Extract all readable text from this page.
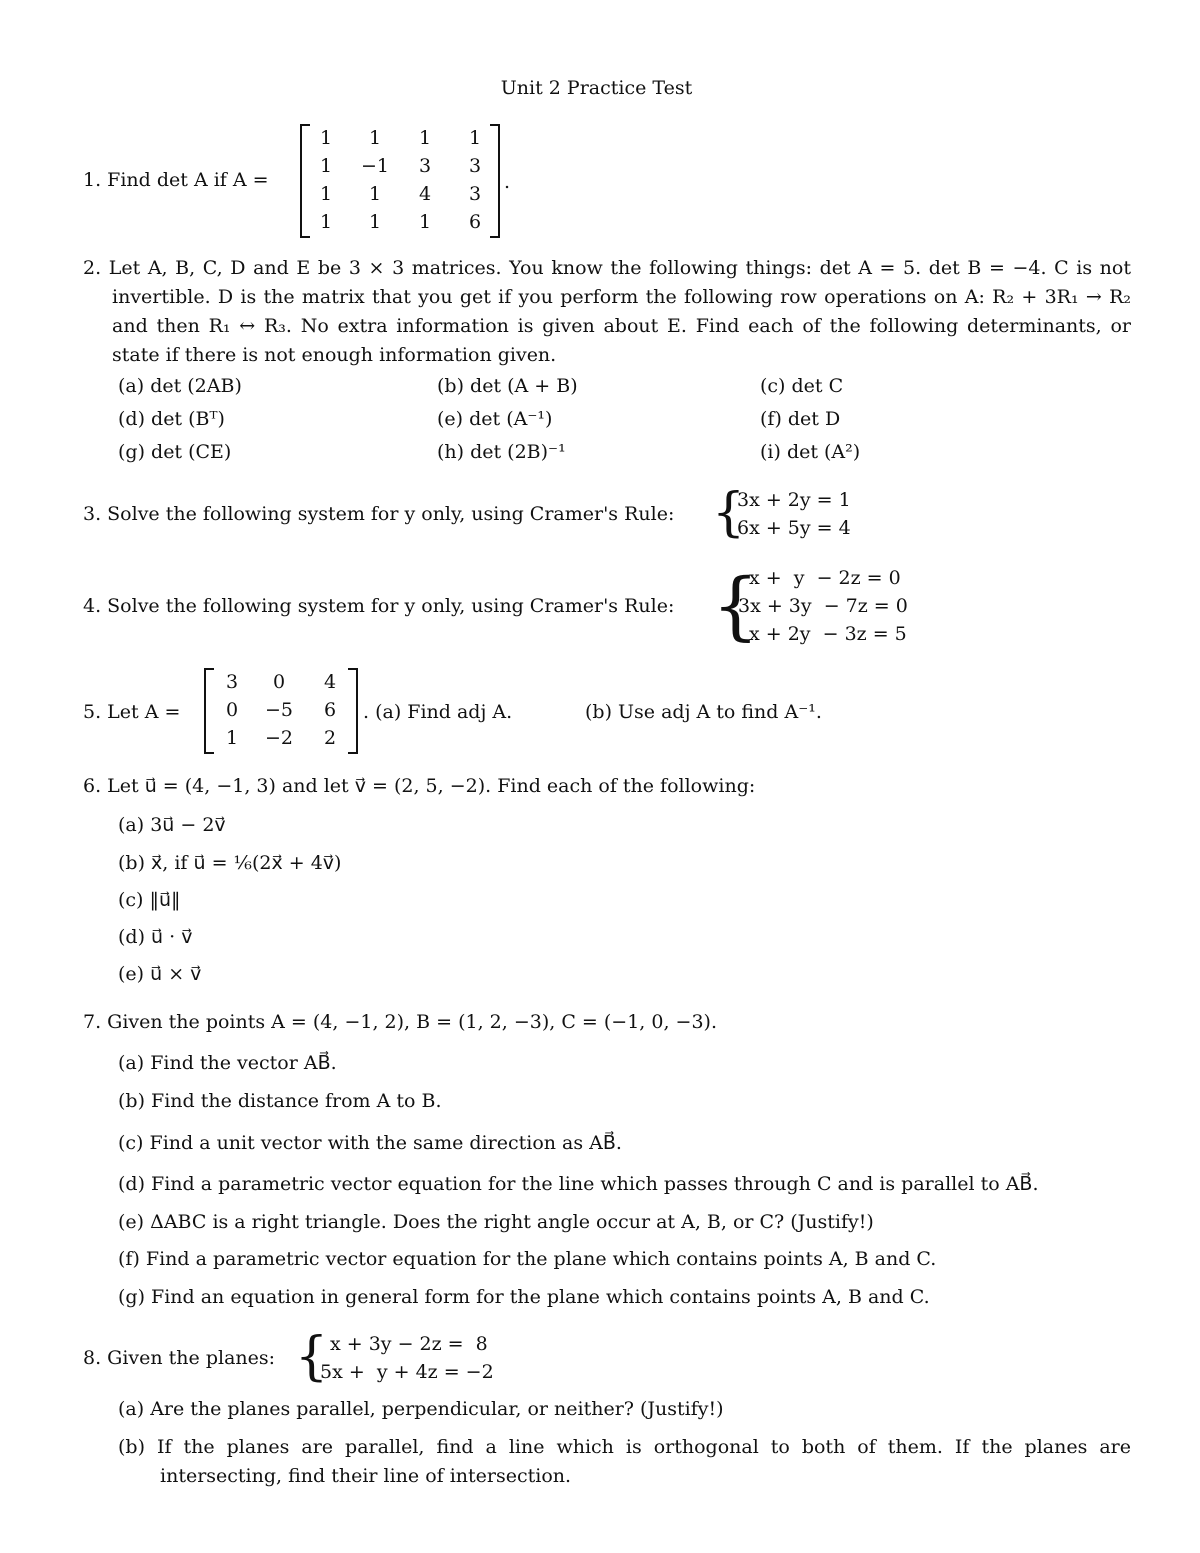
Unit 2 Practice Test
1. Find det A if A =
1	1	1	1
1	−1	3	3
1	1	4	3
1	1	1	6
.
2. Let A, B, C, D and E be 3 × 3 matrices. You know the following things: det A = 5. det B = −4. C is not invertible. D is the matrix that you get if you perform the following row operations on A: R₂ + 3R₁ → R₂ and then R₁ ↔ R₃. No extra information is given about E. Find each of the following determinants, or state if there is not enough information given.
(a) det (2AB)	(b) det (A + B)	(c) det C
(d) det (Bᵀ)	(e) det (A⁻¹)	(f) det D
(g) det (CE)	(h) det (2B)⁻¹	(i) det (A²)
3. Solve the following system for y only, using Cramer's Rule: {
3x + 2y = 1
6x + 5y = 4
4. Solve the following system for y only, using Cramer's Rule: {
x +  y  − 2z = 0
3x + 3y  − 7z = 0
x + 2y  − 3z = 5
5. Let A =
3	0	4
0	−5	6
1	−2	2
. (a) Find adj A.	(b) Use adj A to find A⁻¹.
6. Let u⃗ = (4, −1, 3) and let v⃗ = (2, 5, −2). Find each of the following:
(a) 3u⃗ − 2v⃗
(b) x⃗, if u⃗ = ⅙(2x⃗ + 4v⃗)
(c) ‖u⃗‖
(d) u⃗ · v⃗
(e) u⃗ × v⃗
7. Given the points A = (4, −1, 2), B = (1, 2, −3), C = (−1, 0, −3).
(a) Find the vector AB⃗.
(b) Find the distance from A to B.
(c) Find a unit vector with the same direction as AB⃗.
(d) Find a parametric vector equation for the line which passes through C and is parallel to AB⃗.
(e) ΔABC is a right triangle. Does the right angle occur at A, B, or C? (Justify!)
(f) Find a parametric vector equation for the plane which contains points A, B and C.
(g) Find an equation in general form for the plane which contains points A, B and C.
8. Given the planes: { x + 3y − 2z =  8
5x +  y + 4z = −2
(a) Are the planes parallel, perpendicular, or neither? (Justify!)
(b) If the planes are parallel, find a line which is orthogonal to both of them. If the planes are intersecting, find their line of intersection.
